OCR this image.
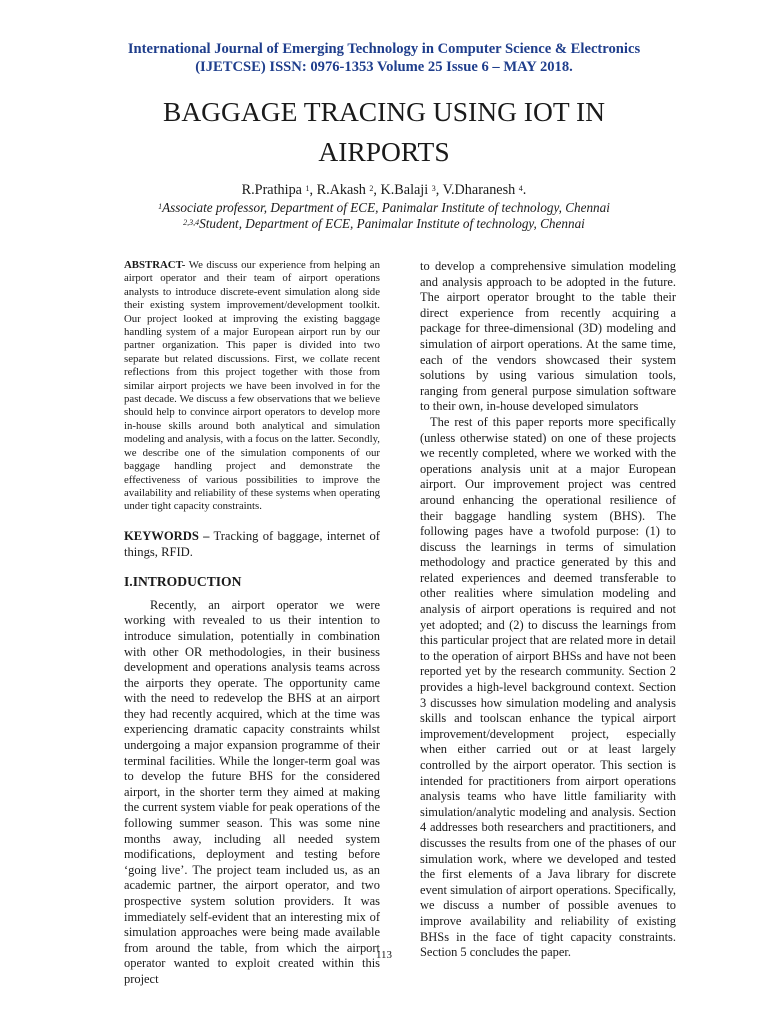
International Journal of Emerging Technology in Computer Science & Electronics
(IJETCSE) ISSN: 0976-1353 Volume 25 Issue 6 – MAY 2018.
BAGGAGE TRACING USING IOT IN
AIRPORTS
R.Prathipa $^1$, R.Akash $^2$, K.Balaji $^3$, V.Dharanesh $^4$.
$^1$Associate professor, Department of ECE, Panimalar Institute of technology, Chennai
$^{2,3,4}$Student, Department of ECE, Panimalar Institute of technology, Chennai

ABSTRACT- We discuss our experience from helping an airport operator and their team of airport operations analysts to introduce discrete-event simulation along side their existing system improvement/development toolkit. Our project looked at improving the existing baggage handling system of a major European airport run by our partner organization. This paper is divided into two separate but related discussions. First, we collate recent reflections from this project together with those from similar airport projects we have been involved in for the past decade. We discuss a few observations that we believe should help to convince airport operators to develop more in-house skills around both analytical and simulation modeling and analysis, with a focus on the latter. Secondly, we describe one of the simulation components of our baggage handling project and demonstrate the effectiveness of various possibilities to improve the availability and reliability of these systems when operating under tight capacity constraints.

KEYWORDS – Tracking of baggage, internet of things, RFID.

I.INTRODUCTION

Recently, an airport operator we were working with revealed to us their intention to introduce simulation, potentially in combination with other OR methodologies, in their business development and operations analysis teams across the airports they operate. The opportunity came with the need to redevelop the BHS at an airport they had recently acquired, which at the time was experiencing dramatic capacity constraints whilst undergoing a major expansion programme of their terminal facilities. While the longer-term goal was to develop the future BHS for the considered airport, in the shorter term they aimed at making the current system viable for peak operations of the following summer season. This was some nine months away, including all needed system modifications, deployment and testing before ‘going live’. The project team included us, as an academic partner, the airport operator, and two prospective system solution providers. It was immediately self-evident that an interesting mix of simulation approaches were being made available from around the table, from which the airport operator wanted to exploit created within this project

to develop a comprehensive simulation modeling and analysis approach to be adopted in the future. The airport operator brought to the table their direct experience from recently acquiring a package for three-dimensional (3D) modeling and simulation of airport operations. At the same time, each of the vendors showcased their system solutions by using various simulation tools, ranging from general purpose simulation software to their own, in-house developed simulators

The rest of this paper reports more specifically (unless otherwise stated) on one of these projects we recently completed, where we worked with the operations analysis unit at a major European airport. Our improvement project was centred around enhancing the operational resilience of their baggage handling system (BHS). The following pages have a twofold purpose: (1) to discuss the learnings in terms of simulation methodology and practice generated by this and related experiences and deemed transferable to other realities where simulation modeling and analysis of airport operations is required and not yet adopted; and (2) to discuss the learnings from this particular project that are related more in detail to the operation of airport BHSs and have not been reported yet by the research community. Section 2 provides a high-level background context. Section 3 discusses how simulation modeling and analysis skills and toolscan enhance the typical airport improvement/development project, especially when either carried out or at least largely controlled by the airport operator. This section is intended for practitioners from airport operations analysis teams who have little familiarity with simulation/analytic modeling and analysis. Section 4 addresses both researchers and practitioners, and discusses the results from one of the phases of our simulation work, where we developed and tested the first elements of a Java library for discrete event simulation of airport operations. Specifically, we discuss a number of possible avenues to improve availability and reliability of existing BHSs in the face of tight capacity constraints. Section 5 concludes the paper.

113
